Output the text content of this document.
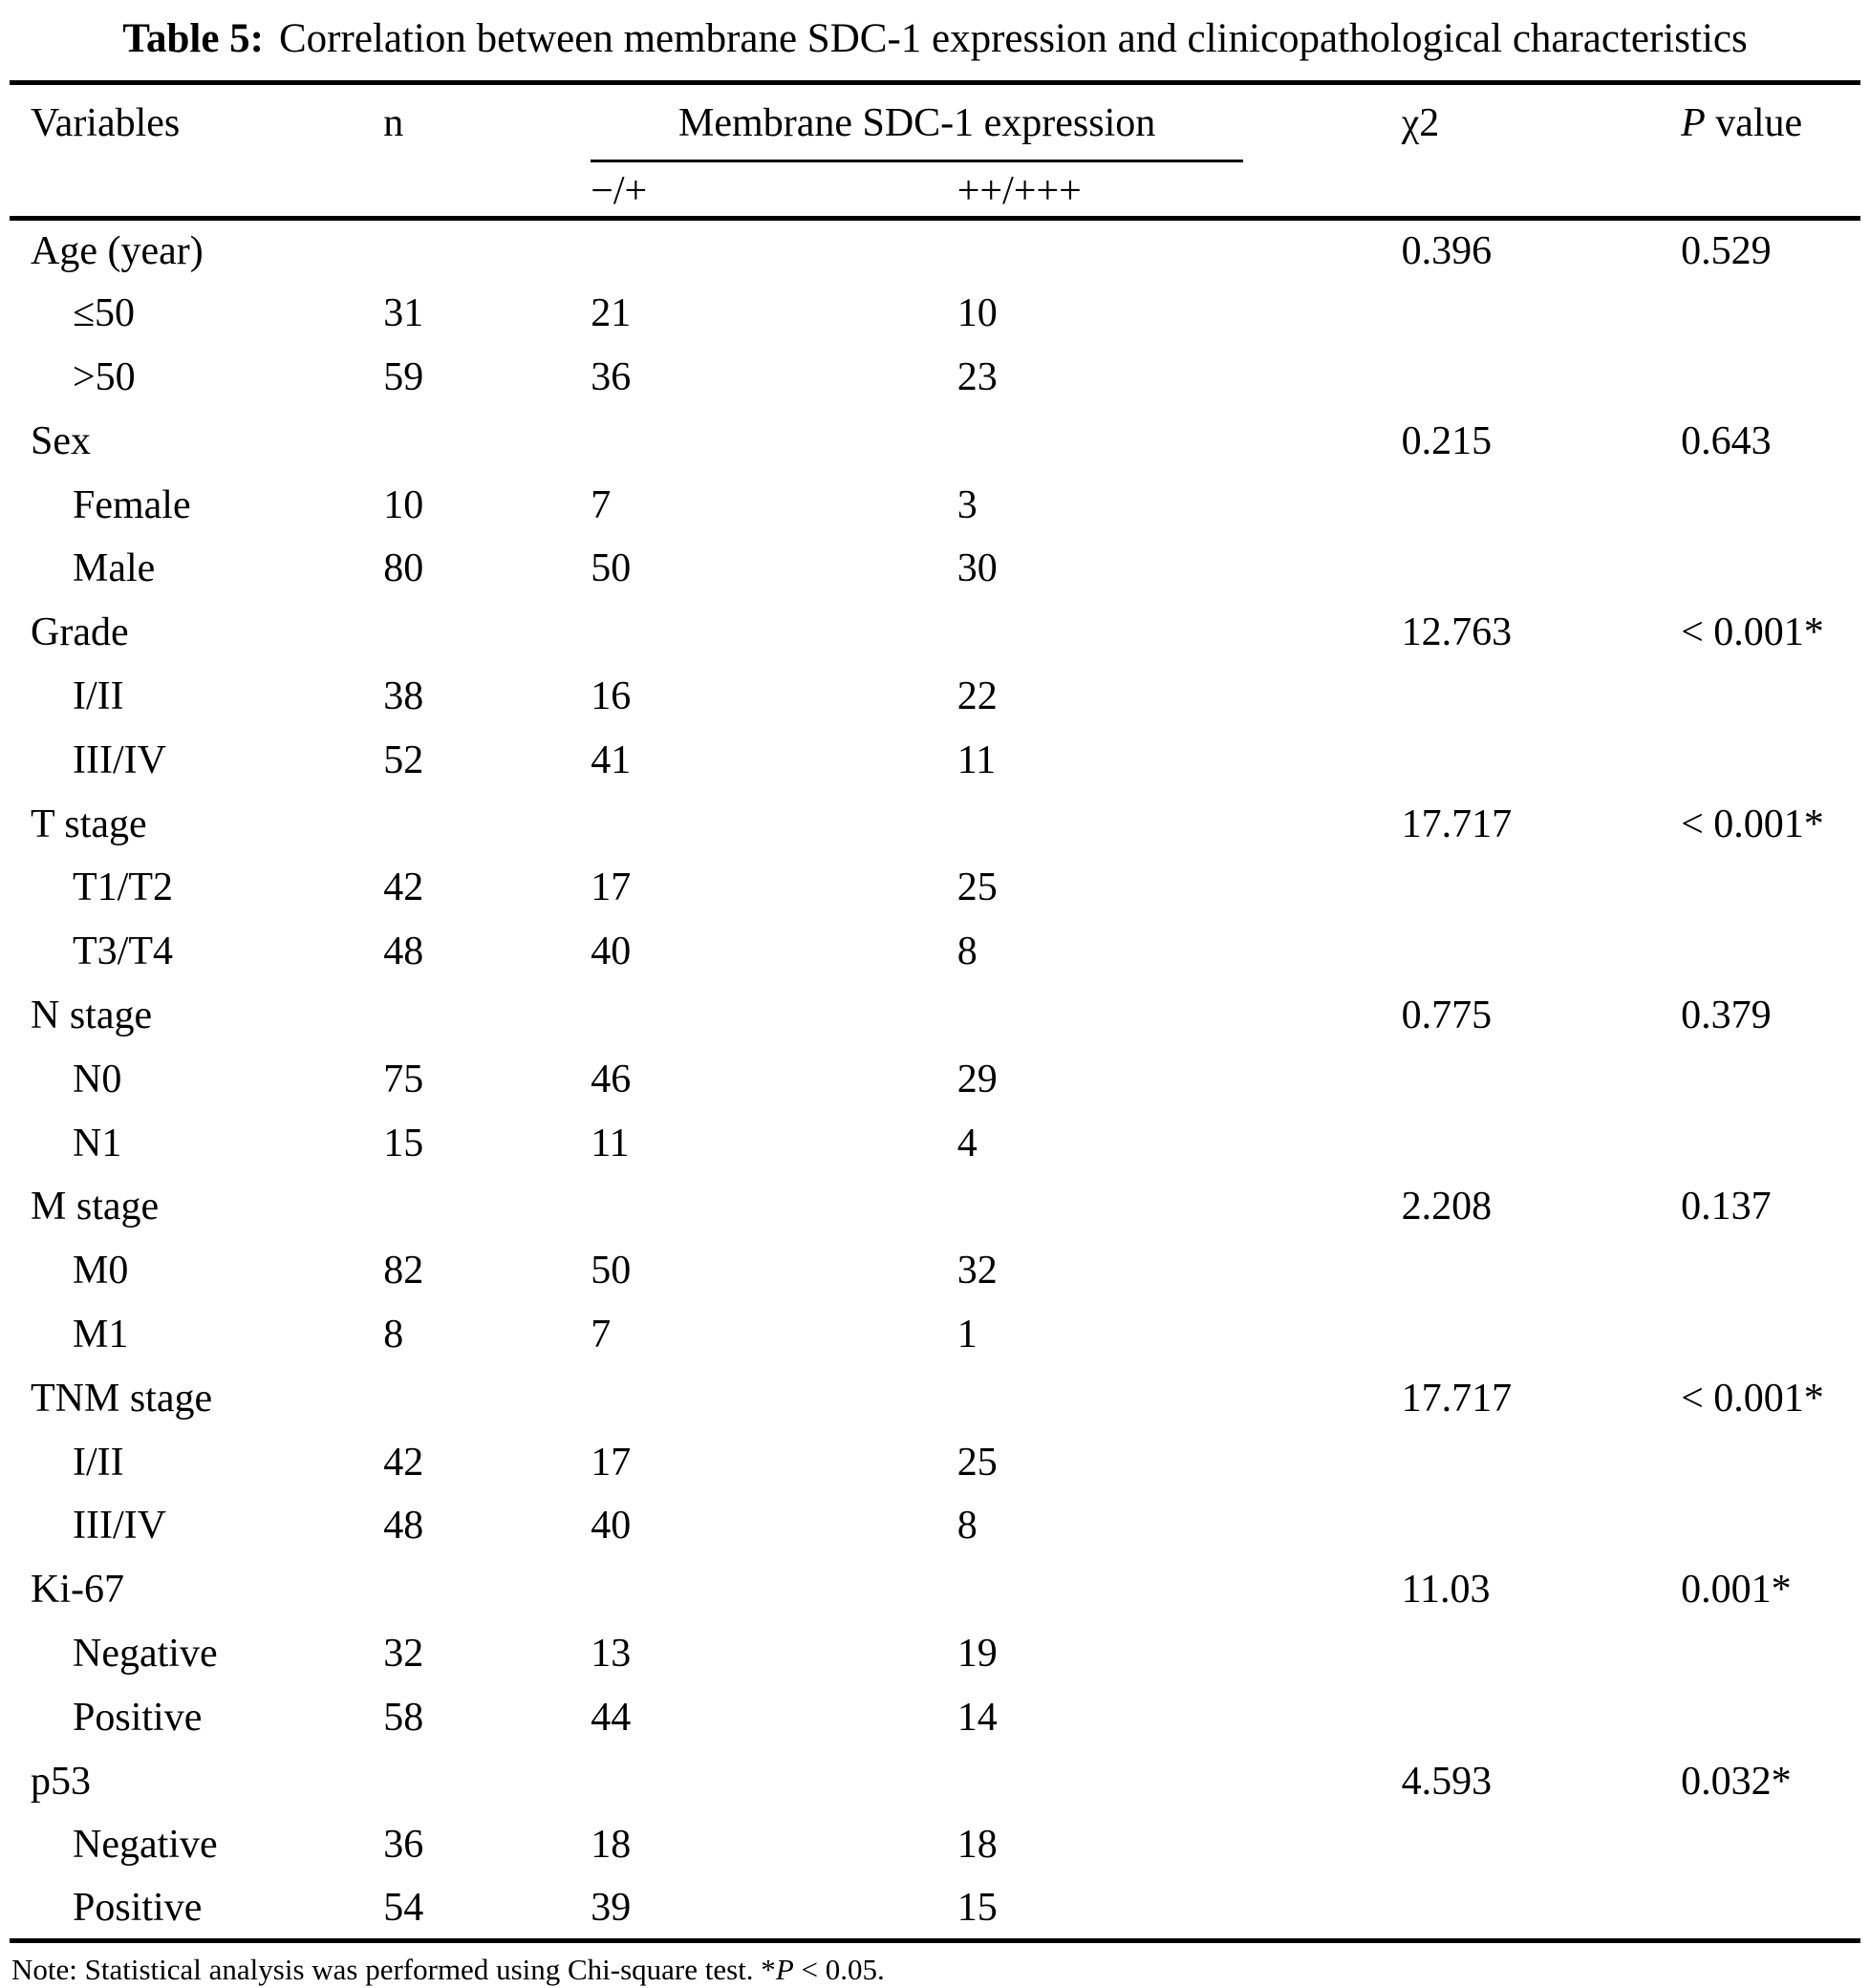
Table 5: Correlation between membrane SDC-1 expression and clinicopathological characteristics
Variables	n	Membrane SDC-1 expression		χ2	P value
		−/+	++/+++		
Age (year)				0.396	0.529
≤50	31	21	10		
>50	59	36	23		
Sex				0.215	0.643
Female	10	7	3		
Male	80	50	30		
Grade				12.763	< 0.001*
I/II	38	16	22		
III/IV	52	41	11		
T stage				17.717	< 0.001*
T1/T2	42	17	25		
T3/T4	48	40	8		
N stage				0.775	0.379
N0	75	46	29		
N1	15	11	4		
M stage				2.208	0.137
M0	82	50	32		
M1	8	7	1		
TNM stage				17.717	< 0.001*
I/II	42	17	25		
III/IV	48	40	8		
Ki-67				11.03	0.001*
Negative	32	13	19		
Positive	58	44	14		
p53				4.593	0.032*
Negative	36	18	18		
Positive	54	39	15		
Note: Statistical analysis was performed using Chi-square test. *P < 0.05.
